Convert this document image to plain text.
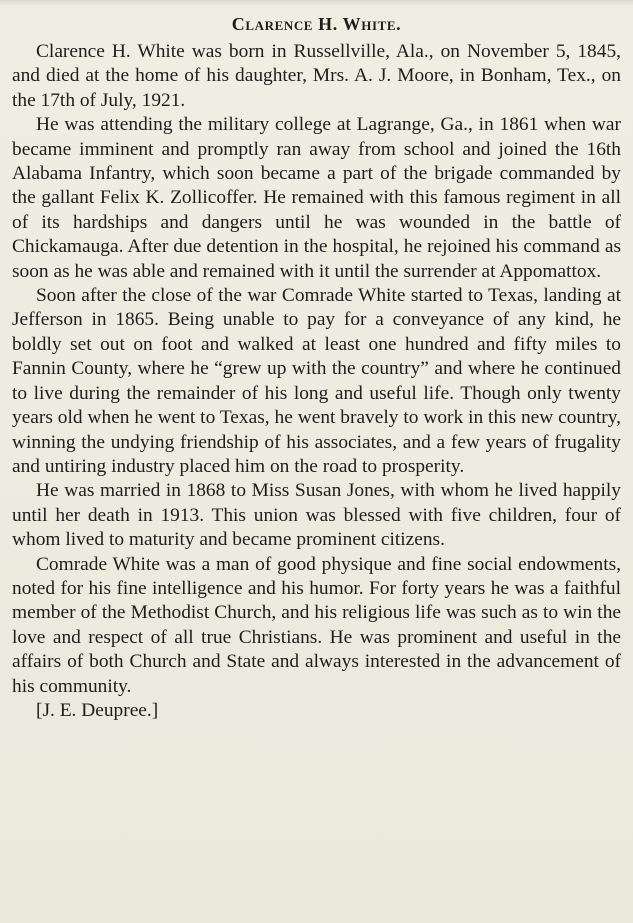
Clarence H. White.

Clarence H. White was born in Russellville, Ala., on November 5, 1845, and died at the home of his daughter, Mrs. A. J. Moore, in Bonham, Tex., on the 17th of July, 1921.

He was attending the military college at Lagrange, Ga., in 1861 when war became imminent and promptly ran away from school and joined the 16th Alabama Infantry, which soon became a part of the brigade commanded by the gallant Felix K. Zollicoffer. He remained with this famous regiment in all of its hardships and dangers until he was wounded in the battle of Chickamauga. After due detention in the hospital, he rejoined his command as soon as he was able and remained with it until the surrender at Appomattox.

Soon after the close of the war Comrade White started to Texas, landing at Jefferson in 1865. Being unable to pay for a conveyance of any kind, he boldly set out on foot and walked at least one hundred and fifty miles to Fannin County, where he “grew up with the country” and where he continued to live during the remainder of his long and useful life. Though only twenty years old when he went to Texas, he went bravely to work in this new country, winning the undying friendship of his associates, and a few years of frugality and untiring industry placed him on the road to prosperity.

He was married in 1868 to Miss Susan Jones, with whom he lived happily until her death in 1913. This union was blessed with five children, four of whom lived to maturity and became prominent citizens.

Comrade White was a man of good physique and fine social endowments, noted for his fine intelligence and his humor. For forty years he was a faithful member of the Methodist Church, and his religious life was such as to win the love and respect of all true Christians. He was prominent and useful in the affairs of both Church and State and always interested in the advancement of his community.

[J. E. Deupree.]
